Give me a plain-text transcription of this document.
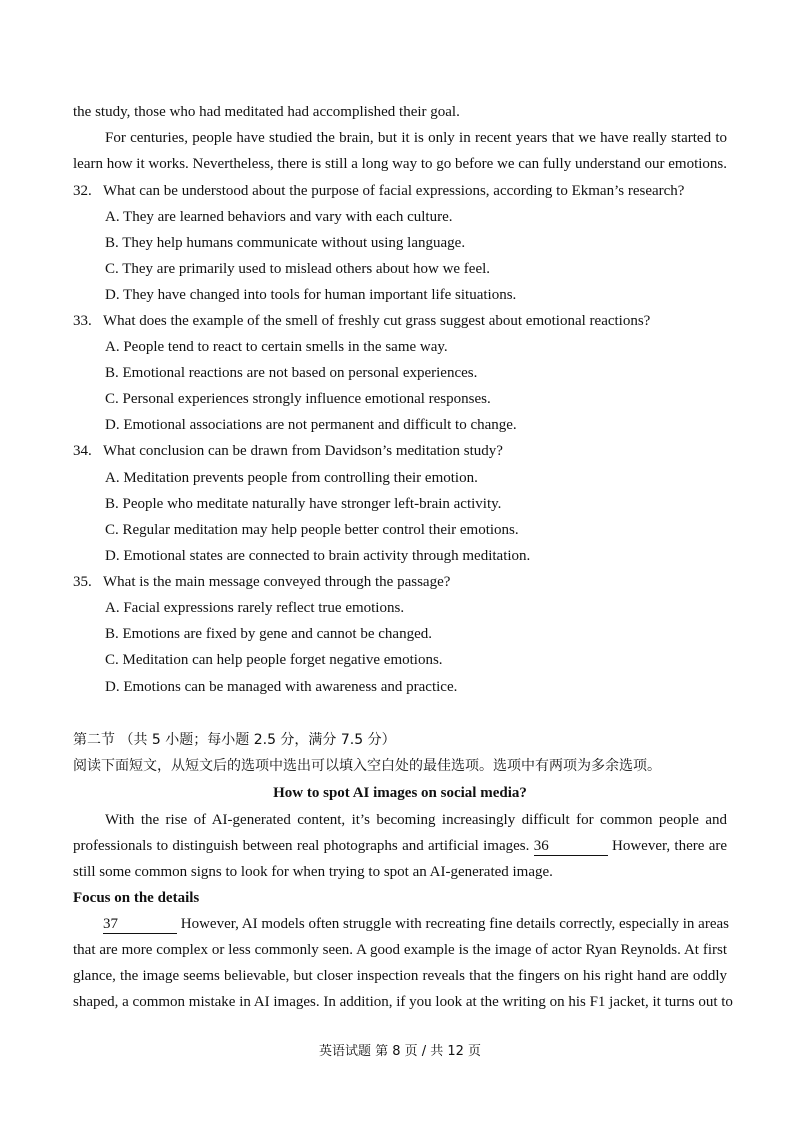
the study, those who had meditated had accomplished their goal.
For centuries, people have studied the brain, but it is only in recent years that we have really started to
learn how it works. Nevertheless, there is still a long way to go before we can fully understand our emotions.
32. What can be understood about the purpose of facial expressions, according to Ekman’s research?
A. They are learned behaviors and vary with each culture.
B. They help humans communicate without using language.
C. They are primarily used to mislead others about how we feel.
D. They have changed into tools for human important life situations.
33. What does the example of the smell of freshly cut grass suggest about emotional reactions?
A. People tend to react to certain smells in the same way.
B. Emotional reactions are not based on personal experiences.
C. Personal experiences strongly influence emotional responses.
D. Emotional associations are not permanent and difficult to change.
34. What conclusion can be drawn from Davidson’s meditation study?
A. Meditation prevents people from controlling their emotion.
B. People who meditate naturally have stronger left-brain activity.
C. Regular meditation may help people better control their emotions.
D. Emotional states are connected to brain activity through meditation.
35. What is the main message conveyed through the passage?
A. Facial expressions rarely reflect true emotions.
B. Emotions are fixed by gene and cannot be changed.
C. Meditation can help people forget negative emotions.
D. Emotions can be managed with awareness and practice.
第二节 （共 5 小题；每小题 2.5 分，满分 7.5 分）
阅读下面短文，从短文后的选项中选出可以填入空白处的最佳选项。选项中有两项为多余选项。
How to spot AI images on social media?
With the rise of AI-generated content, it’s becoming increasingly difficult for common people and
professionals to distinguish between real photographs and artificial images. 36	However, there are
still some common signs to look for when trying to spot an AI-generated image.
Focus on the details
37	However, AI models often struggle with recreating fine details correctly, especially in areas
that are more complex or less commonly seen. A good example is the image of actor Ryan Reynolds. At first
glance, the image seems believable, but closer inspection reveals that the fingers on his right hand are oddly
shaped, a common mistake in AI images. In addition, if you look at the writing on his F1 jacket, it turns out to
英语试题 第 8 页 / 共 12 页
